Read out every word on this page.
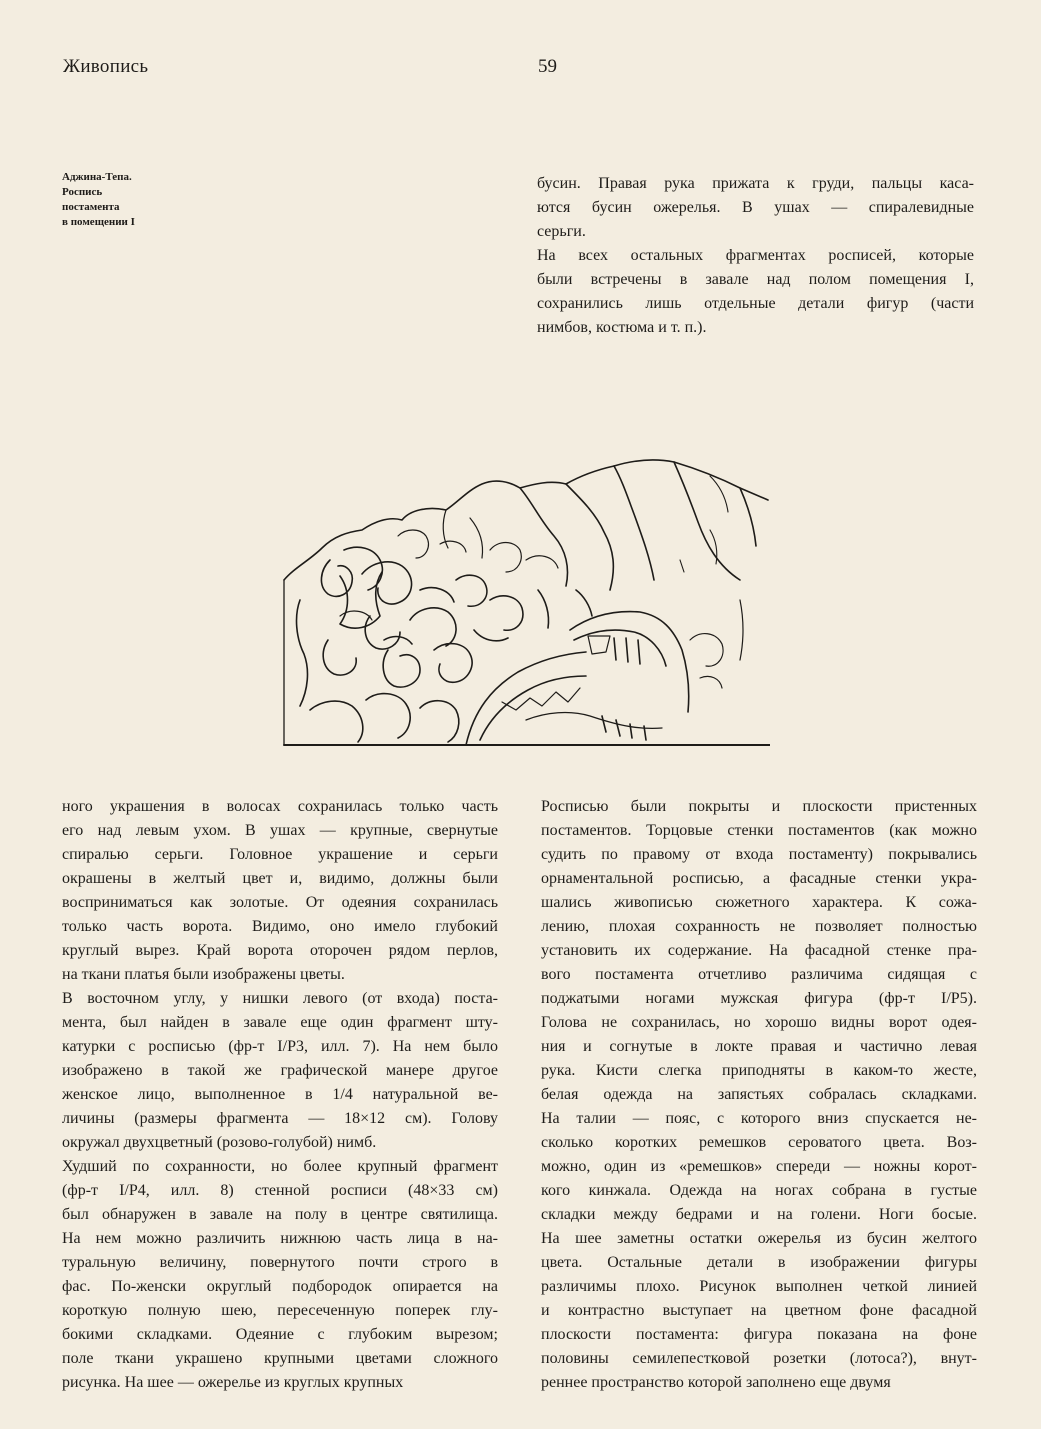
Живопись	59
Аджина-Тепа.
Роспись
постамента
в помещении I
бусин. Правая рука прижата к груди, пальцы каса-
ются бусин ожерелья. В ушах — спиралевидные
серьги.
На всех остальных фрагментах росписей, которые
были встречены в завале над полом помещения I,
сохранились лишь отдельные детали фигур (части
нимбов, костюма и т. п.).
ного украшения в волосах сохранилась только часть
его над левым ухом. В ушах — крупные, свернутые
спиралью серьги. Головное украшение и серьги
окрашены в желтый цвет и, видимо, должны были
восприниматься как золотые. От одеяния сохранилась
только часть ворота. Видимо, оно имело глубокий
круглый вырез. Край ворота оторочен рядом перлов,
на ткани платья были изображены цветы.
В восточном углу, у нишки левого (от входа) поста-
мента, был найден в завале еще один фрагмент шту-
катурки с росписью (фр-т I/P3, илл. 7). На нем было
изображено в такой же графической манере другое
женское лицо, выполненное в 1/4 натуральной ве-
личины (размеры фрагмента — 18×12 см). Голову
окружал двухцветный (розово-голубой) нимб.
Худший по сохранности, но более крупный фрагмент
(фр-т I/P4, илл. 8) стенной росписи (48×33 см)
был обнаружен в завале на полу в центре святилища.
На нем можно различить нижнюю часть лица в на-
туральную величину, повернутого почти строго в
фас. По-женски округлый подбородок опирается на
короткую полную шею, пересеченную поперек глу-
бокими складками. Одеяние с глубоким вырезом;
поле ткани украшено крупными цветами сложного
рисунка. На шее — ожерелье из круглых крупных
Росписью были покрыты и плоскости пристенных
постаментов. Торцовые стенки постаментов (как можно
судить по правому от входа постаменту) покрывались
орнаментальной росписью, а фасадные стенки укра-
шались живописью сюжетного характера. К сожа-
лению, плохая сохранность не позволяет полностью
установить их содержание. На фасадной стенке пра-
вого постамента отчетливо различима сидящая с
поджатыми ногами мужская фигура (фр-т I/P5).
Голова не сохранилась, но хорошо видны ворот одея-
ния и согнутые в локте правая и частично левая
рука. Кисти слегка приподняты в каком-то жесте,
белая одежда на запястьях собралась складками.
На талии — пояс, с которого вниз спускается не-
сколько коротких ремешков сероватого цвета. Воз-
можно, один из «ремешков» спереди — ножны корот-
кого кинжала. Одежда на ногах собрана в густые
складки между бедрами и на голени. Ноги босые.
На шее заметны остатки ожерелья из бусин желтого
цвета. Остальные детали в изображении фигуры
различимы плохо. Рисунок выполнен четкой линией
и контрастно выступает на цветном фоне фасадной
плоскости постамента: фигура показана на фоне
половины семилепестковой розетки (лотоса?), внут-
реннее пространство которой заполнено еще двумя
